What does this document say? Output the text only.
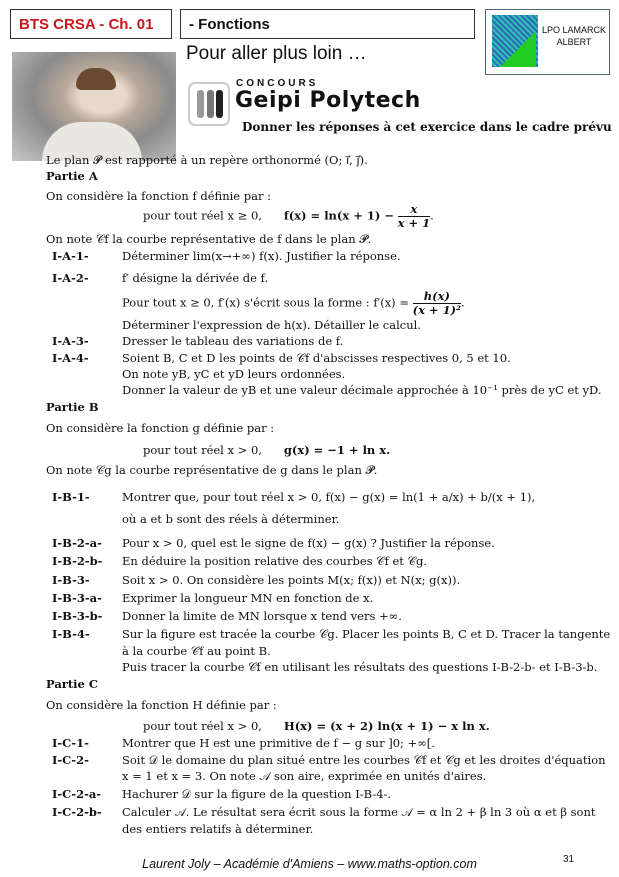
BTS CRSA - Ch. 01	- Fonctions	LPO LAMARCK ALBERT
Pour aller plus loin …
CONCOURS
Geipi Polytech
Donner les réponses à cet exercice dans le cadre prévu
Le plan 𝓟 est rapporté à un repère orthonormé (O; i⃗, j⃗).
Partie A
On considère la fonction f définie par :
pour tout réel x ≥ 0, $f(x) = \ln(x + 1) - \frac{x}{x + 1}$ .
On note 𝒞f la courbe représentative de f dans le plan 𝓟.
I-A-1-	Déterminer lim(x→+∞) f(x). Justifier la réponse.
I-A-2-	f′ désigne la dérivée de f.
Pour tout x ≥ 0, f′(x) s'écrit sous la forme : $f'(x) = \frac{h(x)}{\text{(x + 1)²}}$ .
Déterminer l'expression de h(x). Détailler le calcul.
I-A-3-	Dresser le tableau des variations de f.
I-A-4-	Soient B, C et D les points de 𝒞f d'abscisses respectives 0, 5 et 10.
On note yB, yC et yD leurs ordonnées.
Donner la valeur de yB et une valeur décimale approchée à 10⁻¹ près de yC et yD.
Partie B
On considère la fonction g définie par :
pour tout réel x > 0, g(x) = −1 + ln x.
On note 𝒞g la courbe représentative de g dans le plan 𝓟.
I-B-1-	Montrer que, pour tout réel x > 0, f(x) − g(x) = ln(1 + a/x) + b/(x + 1),
où a et b sont des réels à déterminer.
I-B-2-a- Pour x > 0, quel est le signe de f(x) − g(x) ? Justifier la réponse.
I-B-2-b- En déduire la position relative des courbes 𝒞f et 𝒞g.
I-B-3-	Soit x > 0. On considère les points M(x; f(x)) et N(x; g(x)).
I-B-3-a- Exprimer la longueur MN en fonction de x.
I-B-3-b- Donner la limite de MN lorsque x tend vers +∞.
I-B-4-	Sur la figure est tracée la courbe 𝒞g. Placer les points B, C et D. Tracer la tangente
à la courbe 𝒞f au point B.
Puis tracer la courbe 𝒞f en utilisant les résultats des questions I-B-2-b- et I-B-3-b.
Partie C
On considère la fonction H définie par :
pour tout réel x > 0, H(x) = (x + 2) ln(x + 1) − x ln x.
I-C-1-	Montrer que H est une primitive de f − g sur ]0; +∞[.
I-C-2-	Soit 𝒟 le domaine du plan situé entre les courbes 𝒞f et 𝒞g et les droites d'équation
x = 1 et x = 3. On note 𝒜 son aire, exprimée en unités d'aires.
I-C-2-a- Hachurer 𝒟 sur la figure de la question I-B-4-.
I-C-2-b- Calculer 𝒜. Le résultat sera écrit sous la forme 𝒜 = α ln 2 + β ln 3 où α et β sont
des entiers relatifs à déterminer.
Laurent Joly – Académie d'Amiens – www.maths-option.com	31
